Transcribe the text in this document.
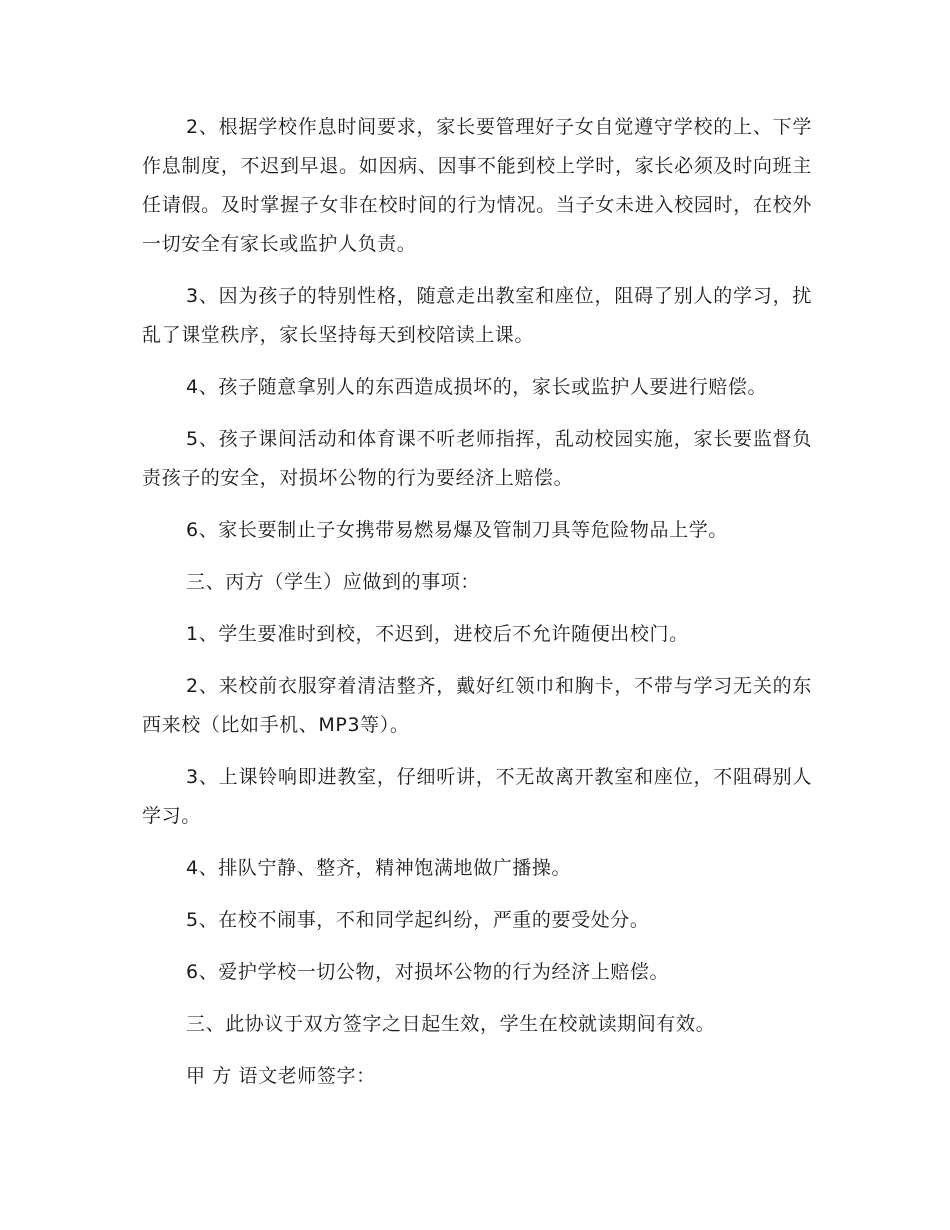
2、根据学校作息时间要求，家长要管理好子女自觉遵守学校的上、下学作息制度，不迟到早退。如因病、因事不能到校上学时，家长必须及时向班主任请假。及时掌握子女非在校时间的行为情况。当子女未进入校园时，在校外一切安全有家长或监护人负责。

3、因为孩子的特别性格，随意走出教室和座位，阻碍了别人的学习，扰乱了课堂秩序，家长坚持每天到校陪读上课。

4、孩子随意拿别人的东西造成损坏的，家长或监护人要进行赔偿。

5、孩子课间活动和体育课不听老师指挥，乱动校园实施，家长要监督负责孩子的安全，对损坏公物的行为要经济上赔偿。

6、家长要制止子女携带易燃易爆及管制刀具等危险物品上学。

三、丙方（学生）应做到的事项：

1、学生要准时到校，不迟到，进校后不允许随便出校门。

2、来校前衣服穿着清洁整齐，戴好红领巾和胸卡，不带与学习无关的东西来校（比如手机、MP3等）。

3、上课铃响即进教室，仔细听讲，不无故离开教室和座位，不阻碍别人学习。

4、排队宁静、整齐，精神饱满地做广播操。

5、在校不闹事，不和同学起纠纷，严重的要受处分。

6、爱护学校一切公物，对损坏公物的行为经济上赔偿。

三、此协议于双方签字之日起生效，学生在校就读期间有效。

甲 方 语文老师签字：
